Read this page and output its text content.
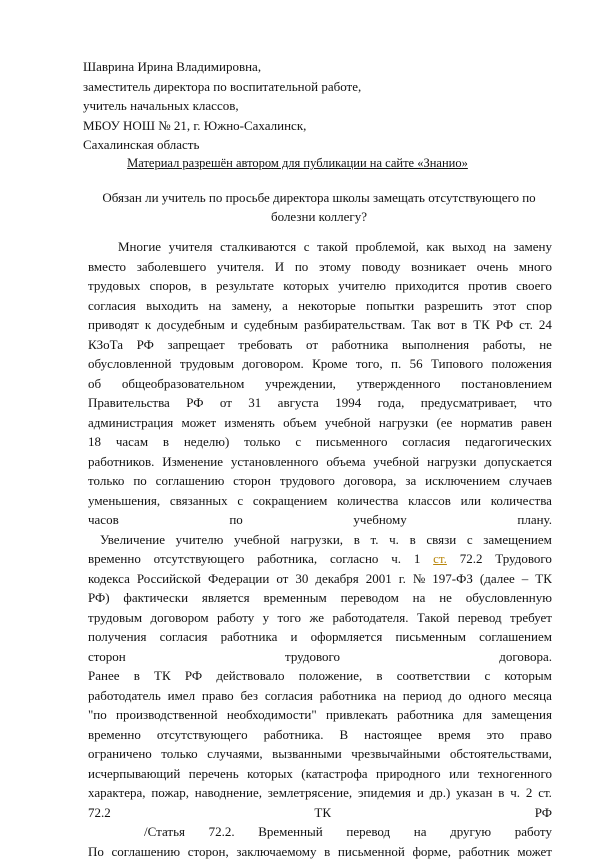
Шаврина Ирина Владимировна,
заместитель директора по воспитательной работе,
учитель начальных классов,
МБОУ НОШ № 21, г. Южно-Сахалинск,
Сахалинская область
Материал разрешён автором для публикации на сайте «Знанио»
Обязан ли учитель по просьбе директора школы замещать отсутствующего по
болезни коллегу?
Многие учителя сталкиваются с такой проблемой, как выход на замену
вместо заболевшего учителя. И по этому поводу возникает очень много
трудовых споров, в результате которых учителю приходится против своего
согласия выходить на замену, а некоторые попытки разрешить этот спор
приводят к досудебным и судебным разбирательствам. Так вот в ТК РФ ст. 24
КЗоТа РФ запрещает требовать от работника выполнения работы, не
обусловленной трудовым договором. Кроме того, п. 56 Типового положения
об общеобразовательном учреждении, утвержденного постановлением
Правительства РФ от 31 августа 1994 года, предусматривает, что
администрация может изменять объем учебной нагрузки (ее норматив равен
18 часам в неделю) только с письменного согласия педагогических
работников. Изменение установленного объема учебной нагрузки допускается
только по соглашению сторон трудового договора, за исключением случаев
уменьшения, связанных с сокращением количества классов или количества
часов	по	учебному	плану.
Увеличение учителю учебной нагрузки, в т. ч. в связи с замещением
временно отсутствующего работника, согласно ч. 1 ст. 72.2 Трудового
кодекса Российской Федерации от 30 декабря 2001 г. № 197-ФЗ (далее – ТК
РФ) фактически является временным переводом на не обусловленную
трудовым договором работу у того же работодателя. Такой перевод требует
получения согласия работника и оформляется письменным соглашением
сторон	трудового	договора.
Ранее в ТК РФ действовало положение, в соответствии с которым
работодатель имел право без согласия работника на период до одного месяца
"по производственной необходимости" привлекать работника для замещения
временно отсутствующего работника. В настоящее время это право
ограничено только случаями, вызванными чрезвычайными обстоятельствами,
исчерпывающий перечень которых (катастрофа природного или техногенного
характера, пожар, наводнение, землетрясение, эпидемия и др.) указан в ч. 2 ст.
72.2	ТК	РФ
/Статья 72.2. Временный перевод на другую работу
По соглашению сторон, заключаемому в письменной форме, работник может
